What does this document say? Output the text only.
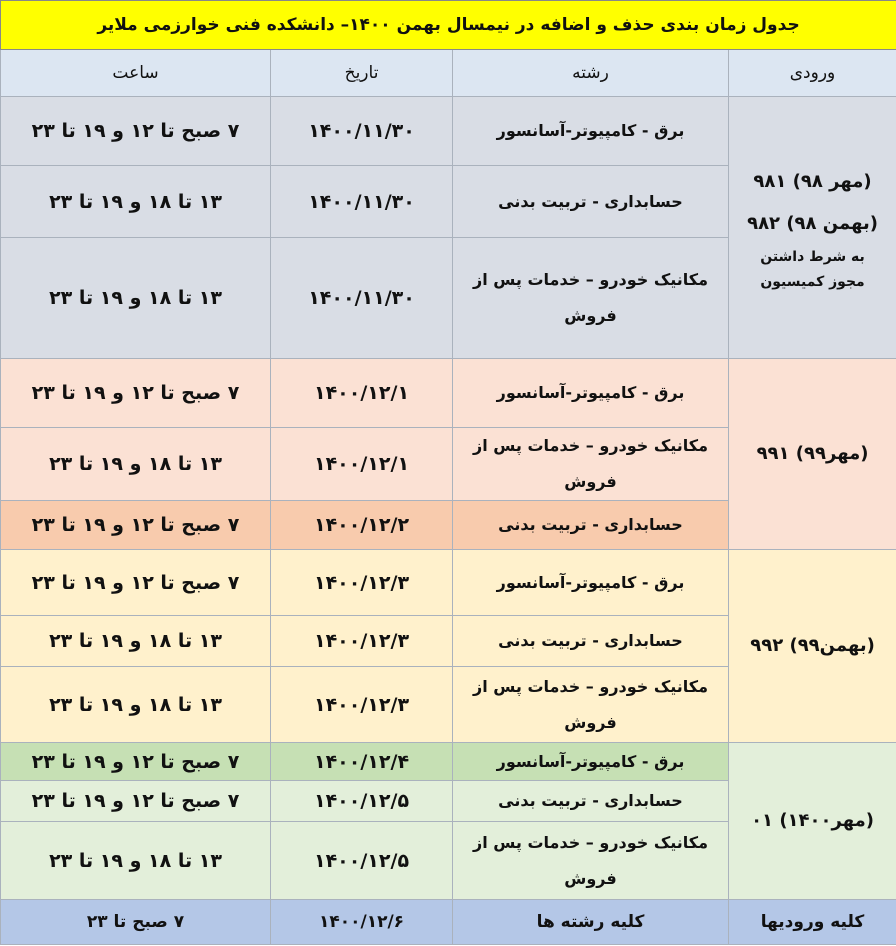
جدول زمان بندی حذف و اضافه در نیمسال بهمن ۱۴۰۰– دانشکده فنی خوارزمی ملایر			
ورودی	رشته	تاریخ	ساعت

(مهر ۹۸) ۹۸۱
(بهمن ۹۸) ۹۸۲
به شرط داشتن
مجوز کمیسیون	برق - کامپیوتر-آسانسور	۱۴۰۰/۱۱/۳۰	۷ صبح تا ۱۲ و ۱۹ تا ۲۳
	حسابداری - تربیت بدنی	۱۴۰۰/۱۱/۳۰	۱۳ تا ۱۸ و ۱۹ تا ۲۳
	مکانیک خودرو – خدمات پس از فروش	۱۴۰۰/۱۱/۳۰	۱۳ تا ۱۸ و ۱۹ تا ۲۳

(مهر۹۹) ۹۹۱	برق - کامپیوتر-آسانسور	۱۴۰۰/۱۲/۱	۷ صبح تا ۱۲ و ۱۹ تا ۲۳
	مکانیک خودرو – خدمات پس از فروش	۱۴۰۰/۱۲/۱	۱۳ تا ۱۸ و ۱۹ تا ۲۳
	حسابداری - تربیت بدنی	۱۴۰۰/۱۲/۲	۷ صبح تا ۱۲ و ۱۹ تا ۲۳

(بهمن۹۹) ۹۹۲	برق - کامپیوتر-آسانسور	۱۴۰۰/۱۲/۳	۷ صبح تا ۱۲ و ۱۹ تا ۲۳
	حسابداری - تربیت بدنی	۱۴۰۰/۱۲/۳	۱۳ تا ۱۸ و ۱۹ تا ۲۳
	مکانیک خودرو – خدمات پس از فروش	۱۴۰۰/۱۲/۳	۱۳ تا ۱۸ و ۱۹ تا ۲۳

(مهر۱۴۰۰) ۰۱	برق - کامپیوتر-آسانسور	۱۴۰۰/۱۲/۴	۷ صبح تا ۱۲ و ۱۹ تا ۲۳
	حسابداری - تربیت بدنی	۱۴۰۰/۱۲/۵	۷ صبح تا ۱۲ و ۱۹ تا ۲۳
	مکانیک خودرو – خدمات پس از فروش	۱۴۰۰/۱۲/۵	۱۳ تا ۱۸ و ۱۹ تا ۲۳
کلیه ورودیها	کلیه رشته ها	۱۴۰۰/۱۲/۶	۷ صبح تا ۲۳
